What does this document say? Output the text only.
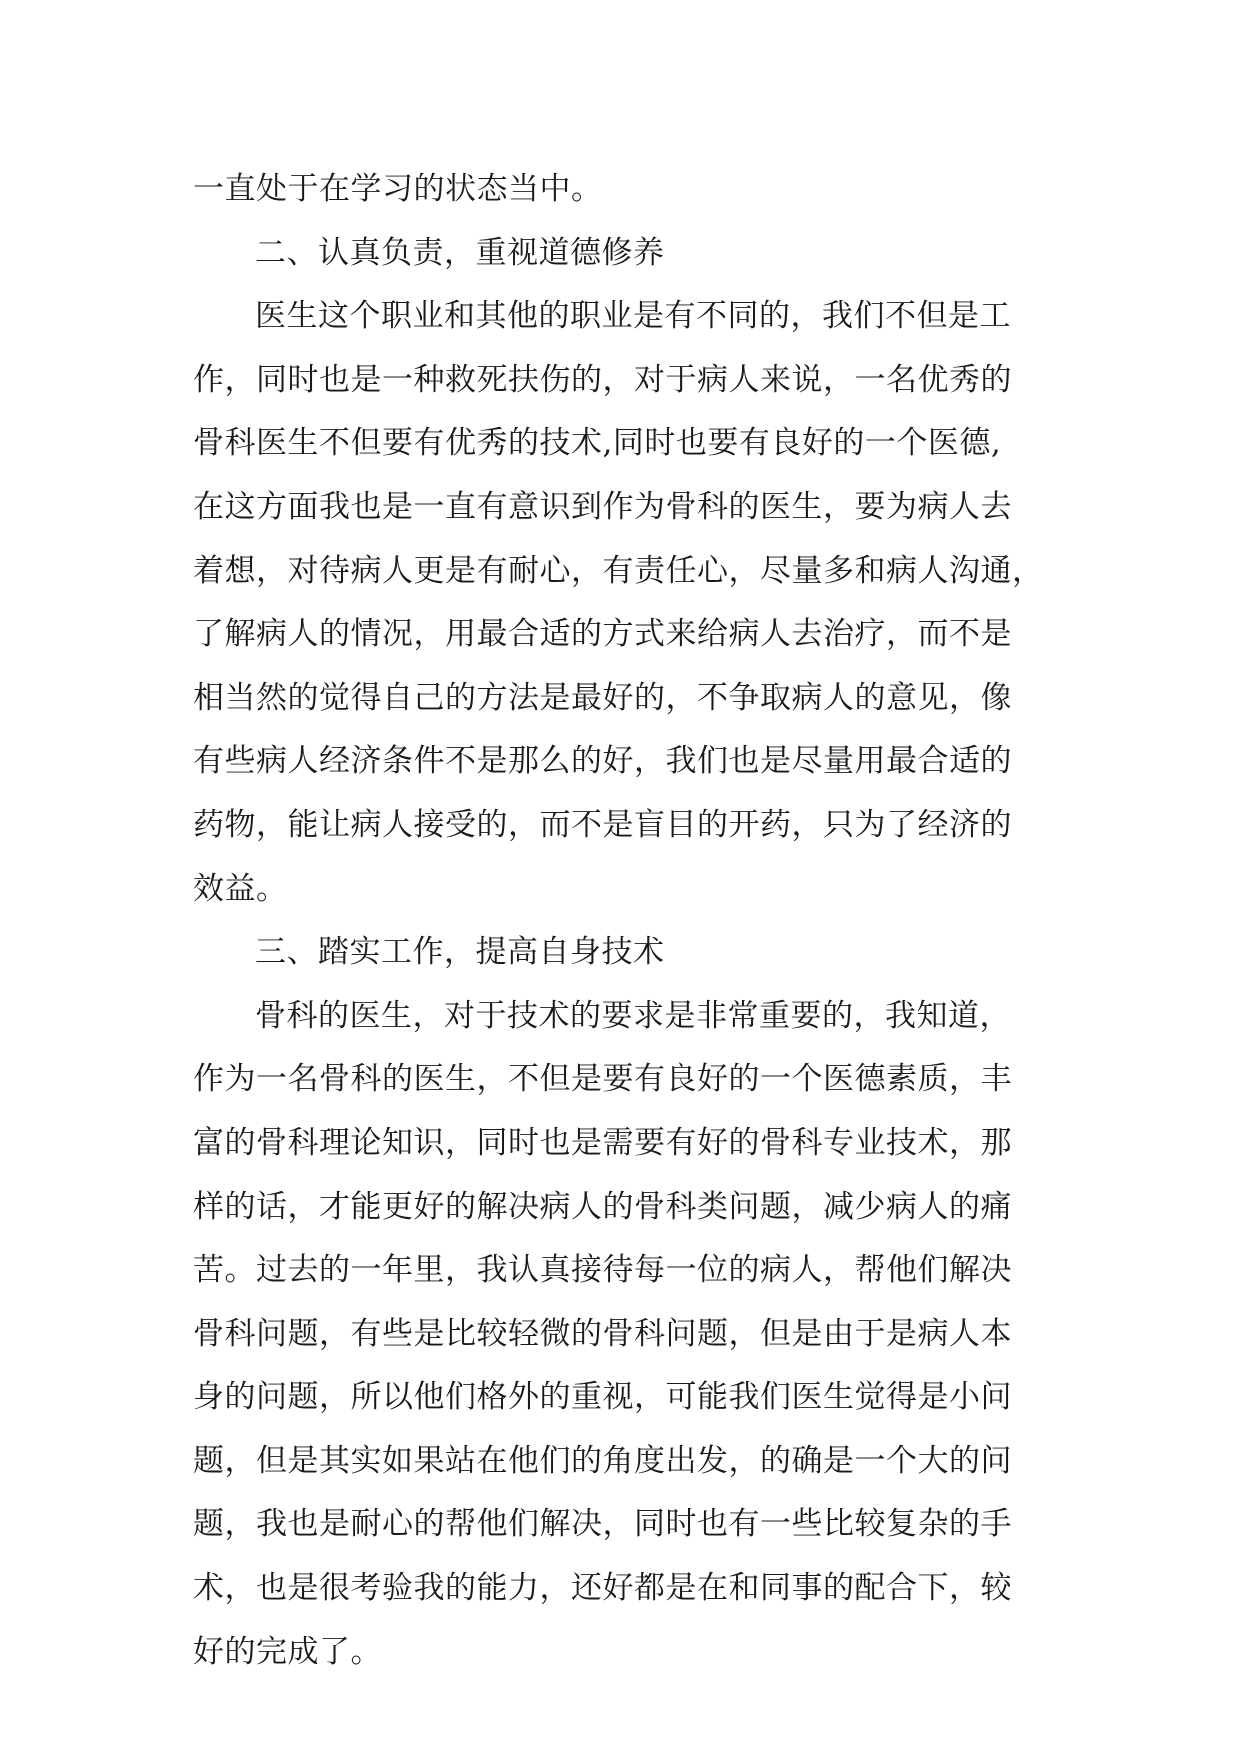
一直处于在学习的状态当中。
二、认真负责，重视道德修养
医生这个职业和其他的职业是有不同的，我们不但是工
作，同时也是一种救死扶伤的，对于病人来说，一名优秀的
骨科医生不但要有优秀的技术,同时也要有良好的一个医德,
在这方面我也是一直有意识到作为骨科的医生，要为病人去
着想，对待病人更是有耐心，有责任心，尽量多和病人沟通，
了解病人的情况，用最合适的方式来给病人去治疗，而不是
相当然的觉得自己的方法是最好的，不争取病人的意见，像
有些病人经济条件不是那么的好，我们也是尽量用最合适的
药物，能让病人接受的，而不是盲目的开药，只为了经济的
效益。
三、踏实工作，提高自身技术
骨科的医生，对于技术的要求是非常重要的，我知道，
作为一名骨科的医生，不但是要有良好的一个医德素质，丰
富的骨科理论知识，同时也是需要有好的骨科专业技术，那
样的话，才能更好的解决病人的骨科类问题，减少病人的痛
苦。过去的一年里，我认真接待每一位的病人，帮他们解决
骨科问题，有些是比较轻微的骨科问题，但是由于是病人本
身的问题，所以他们格外的重视，可能我们医生觉得是小问
题，但是其实如果站在他们的角度出发，的确是一个大的问
题，我也是耐心的帮他们解决，同时也有一些比较复杂的手
术，也是很考验我的能力，还好都是在和同事的配合下，较
好的完成了。
